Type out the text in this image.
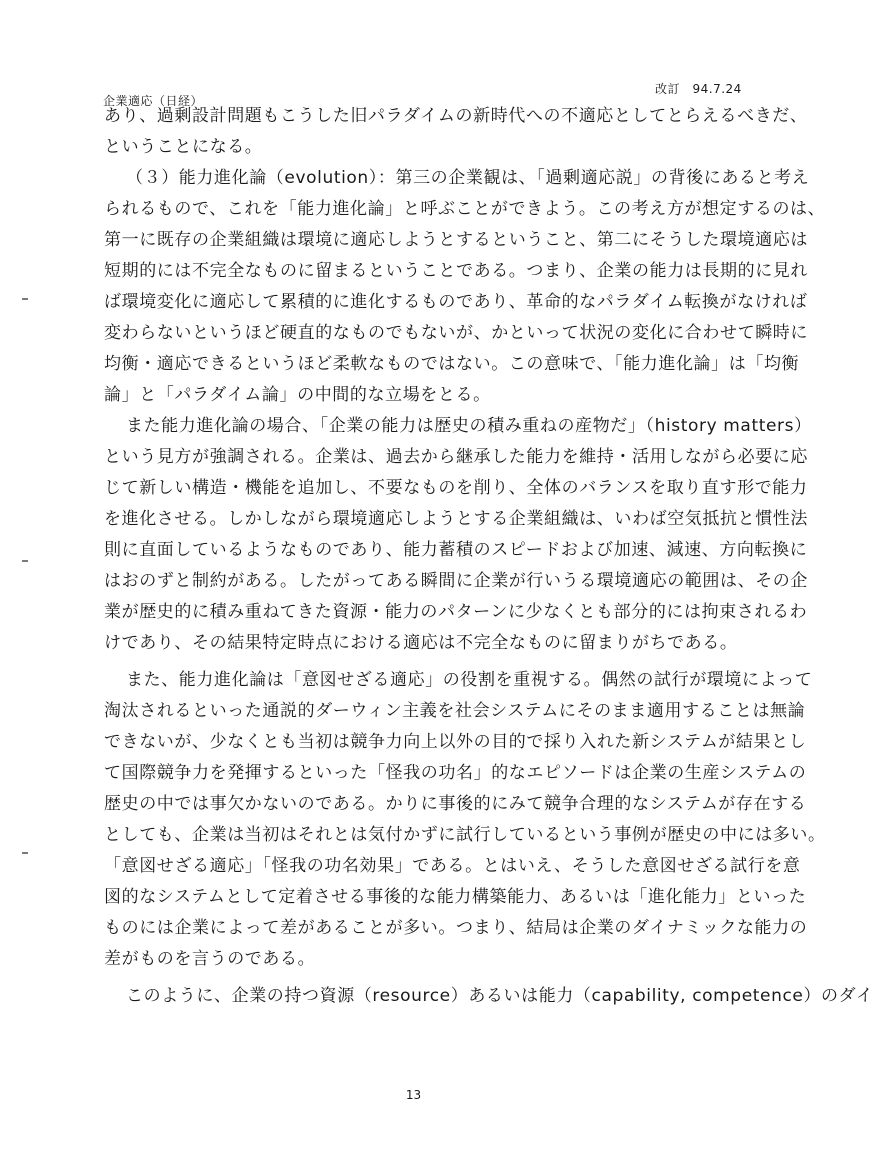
企業適応（日経）
改訂　94.7.24
あり、過剰設計問題もこうした旧パラダイムの新時代への不適応としてとらえるべきだ、
ということになる。
（３）能力進化論（evolution）：第三の企業観は、「過剰適応説」の背後にあると考え
られるもので、これを「能力進化論」と呼ぶことができよう。この考え方が想定するのは、
第一に既存の企業組織は環境に適応しようとするということ、第二にそうした環境適応は
短期的には不完全なものに留まるということである。つまり、企業の能力は長期的に見れ
ば環境変化に適応して累積的に進化するものであり、革命的なパラダイム転換がなければ
変わらないというほど硬直的なものでもないが、かといって状況の変化に合わせて瞬時に
均衡・適応できるというほど柔軟なものではない。この意味で、「能力進化論」は「均衡
論」と「パラダイム論」の中間的な立場をとる。
また能力進化論の場合、「企業の能力は歴史の積み重ねの産物だ」（history matters）
という見方が強調される。企業は、過去から継承した能力を維持・活用しながら必要に応
じて新しい構造・機能を追加し、不要なものを削り、全体のバランスを取り直す形で能力
を進化させる。しかしながら環境適応しようとする企業組織は、いわば空気抵抗と慣性法
則に直面しているようなものであり、能力蓄積のスピードおよび加速、減速、方向転換に
はおのずと制約がある。したがってある瞬間に企業が行いうる環境適応の範囲は、その企
業が歴史的に積み重ねてきた資源・能力のパターンに少なくとも部分的には拘束されるわ
けであり、その結果特定時点における適応は不完全なものに留まりがちである。
また、能力進化論は「意図せざる適応」の役割を重視する。偶然の試行が環境によって
淘汰されるといった通説的ダーウィン主義を社会システムにそのまま適用することは無論
できないが、少なくとも当初は競争力向上以外の目的で採り入れた新システムが結果とし
て国際競争力を発揮するといった「怪我の功名」的なエピソードは企業の生産システムの
歴史の中では事欠かないのである。かりに事後的にみて競争合理的なシステムが存在する
としても、企業は当初はそれとは気付かずに試行しているという事例が歴史の中には多い。
「意図せざる適応」「怪我の功名効果」である。とはいえ、そうした意図せざる試行を意
図的なシステムとして定着させる事後的な能力構築能力、あるいは「進化能力」といった
ものには企業によって差があることが多い。つまり、結局は企業のダイナミックな能力の
差がものを言うのである。
このように、企業の持つ資源（resource）あるいは能力（capability, competence）のダイ
13
